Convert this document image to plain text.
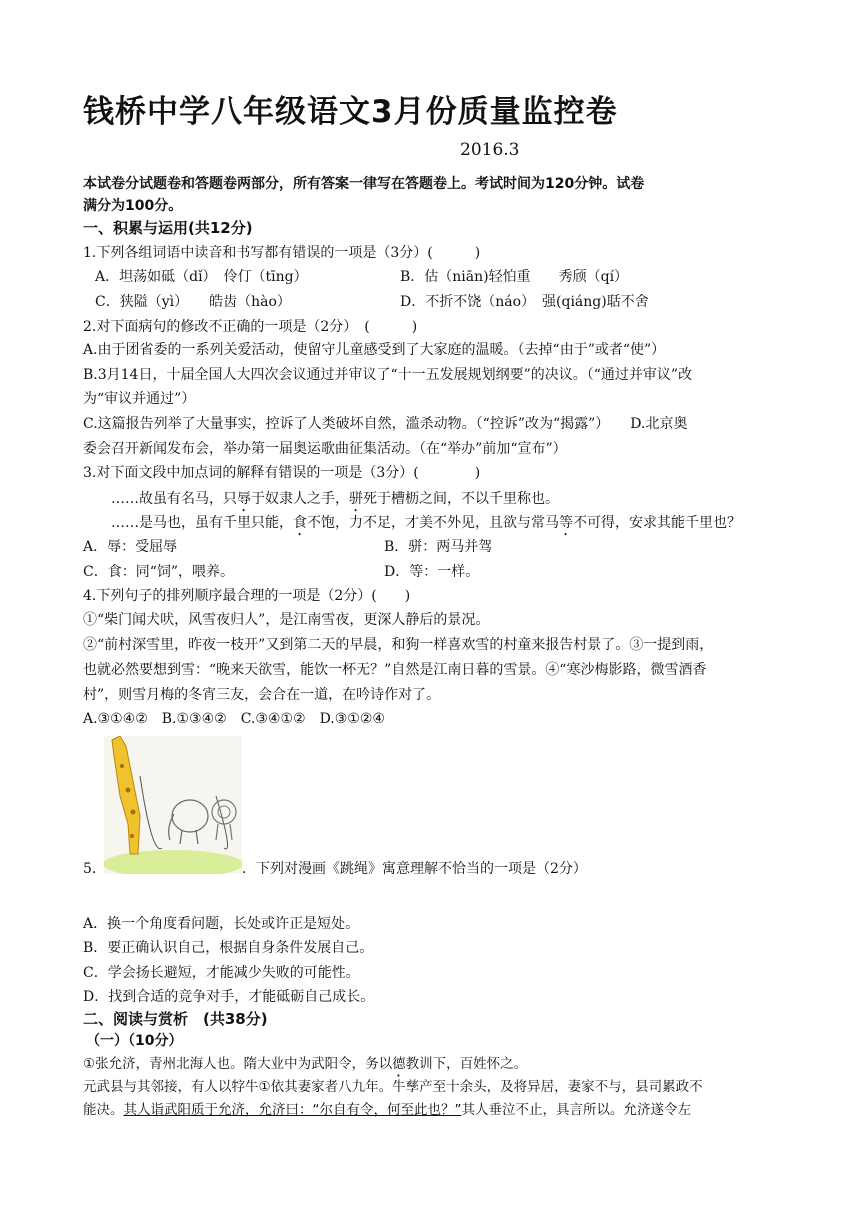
钱桥中学八年级语文3月份质量监控卷
2016.3
本试卷分试题卷和答题卷两部分，所有答案一律写在答题卷上。考试时间为120分钟。试卷
满分为100分。
一、积累与运用(共12分)
1.下列各组词语中读音和书写都有错误的一项是（3分）(　　　)
A．坦荡如砥（dǐ）　伶仃（tīng）	B．估（niān)轻怕重　　秀颀（qí）
C．狭隘（yì）　　皓齿（hào）	D．不折不饶（náo）　强(qiáng)聒不舍
2.对下面病句的修改不正确的一项是（2分）　(　　　)
A.由于团省委的一系列关爱活动，使留守儿童感受到了大家庭的温暖。（去掉“由于”或者“使”）
B.3月14日，十届全国人大四次会议通过并审议了“十一五发展规划纲要”的决议。（“通过并审议”改
为“审议并通过”）
C.这篇报告列举了大量事实，控诉了人类破坏自然，滥杀动物。（“控诉”改为“揭露”）　　D.北京奥
委会召开新闻发布会，举办第一届奥运歌曲征集活动。（在“举办”前加“宣布”）
3.对下面文段中加点词的解释有错误的一项是（3分）(　　　　)
……故虽有名马，只辱于奴隶人之手，骈死于槽枥之间，不以千里称也。
……是马也，虽有千里只能，食不饱，力不足，才美不外见，且欲与常马等不可得，安求其能千里也？
A．辱：受屈辱	B．骈：两马并驾
C．食：同“饲”，喂养。	D．等：一样。
4.下列句子的排列顺序最合理的一项是（2分）(　　)
①“柴门闻犬吠，风雪夜归人”，是江南雪夜，更深人静后的景况。
②“前村深雪里，昨夜一枝开”又到第二天的早晨，和狗一样喜欢雪的村童来报告村景了。③一提到雨，
也就必然要想到雪：“晚来天欲雪，能饮一杯无？”自然是江南日暮的雪景。④“寒沙梅影路，微雪酒香
村”，则雪月梅的冬宵三友，会合在一道，在吟诗作对了。
A.③①④②　B.①③④②　C.③④①②　D.③①②④
5．	．下列对漫画《跳绳》寓意理解不恰当的一项是（2分）
A．换一个角度看问题，长处或许正是短处。
B．要正确认识自己，根据自身条件发展自己。
C．学会扬长避短，才能减少失败的可能性。
D．找到合适的竞争对手，才能砥砺自己成长。
二、阅读与赏析　(共38分)
（一）（10分）
①张允济，青州北海人也。隋大业中为武阳令，务以德教训下，百姓怀之。
元武县与其邻接，有人以牸牛①依其妻家者八九年。牛孳产至十余头，及将异居，妻家不与，县司累政不
能决。其人诣武阳质于允济，允济曰：“尔自有令，何至此也？”其人垂泣不止，具言所以。允济遂令左
